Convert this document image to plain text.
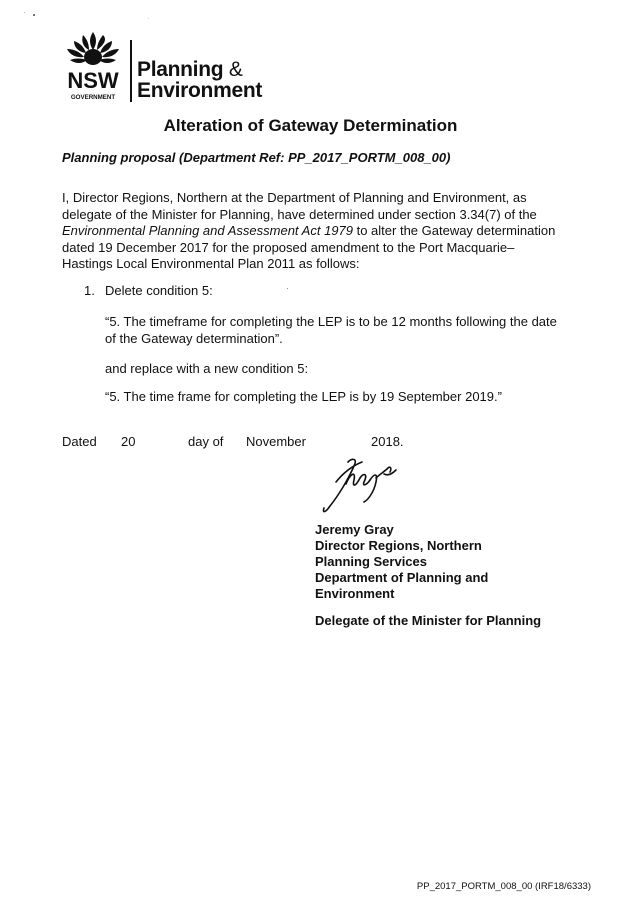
NSW
GOVERNMENT
Planning &
Environment
Alteration of Gateway Determination
Planning proposal (Department Ref: PP_2017_PORTM_008_00)

I, Director Regions, Northern at the Department of Planning and Environment, as delegate of the Minister for Planning, have determined under section 3.34(7) of the Environmental Planning and Assessment Act 1979 to alter the Gateway determination dated 19 December 2017 for the proposed amendment to the Port Macquarie–Hastings Local Environmental Plan 2011 as follows:

1. Delete condition 5:

“5. The timeframe for completing the LEP is to be 12 months following the date of the Gateway determination”.

and replace with a new condition 5:
“5. The time frame for completing the LEP is by 19 September 2019.”
Dated 20	day of November	2018.
Jeremy Gray
Director Regions, Northern
Planning Services
Department of Planning and
Environment
Delegate of the Minister for Planning
PP_2017_PORTM_008_00 (IRF18/6333)
